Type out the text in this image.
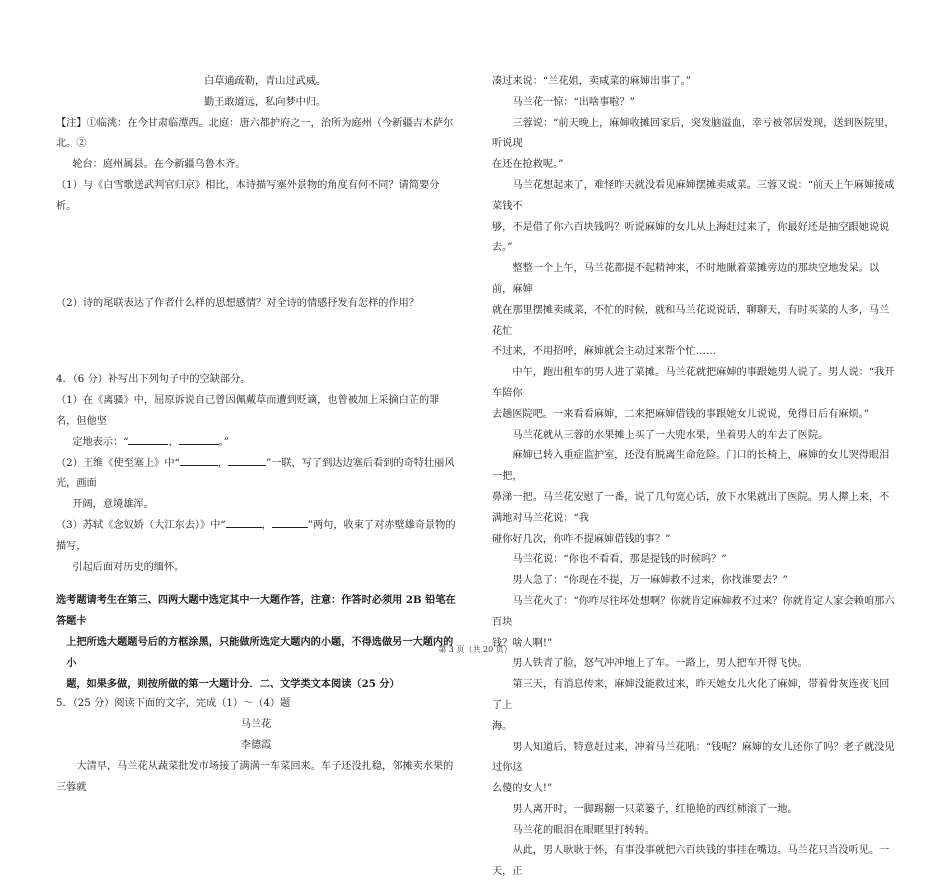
白草通疏勒，青山过武威。

勤王敢道远，私向梦中归。

【注】①临洮：在今甘肃临潭西。北庭：唐六都护府之一，治所为庭州（今新疆吉木萨尔北。②

轮台：庭州属县。在今新疆乌鲁木齐。

（1）与《白雪歌送武判官归京》相比，本诗描写塞外景物的角度有何不同？请简要分析。

（2）诗的尾联表达了作者什么样的思想感情？对全诗的情感抒发有怎样的作用？

4．（6 分）补写出下列句子中的空缺部分。

（1）在《离骚》中，屈原诉说自己曾因佩戴草而遭到贬谪，也曾被加上采摘白芷的罪名，但他坚

定地表示：“	，	。”

（2）王维《使至塞上》中“	，	”一联，写了到达边塞后看到的奇特壮丽风光，画面

开阔，意境雄浑。

（3）苏轼《念奴娇（大江东去）》中“	，	”两句，收束了对赤壁雄奇景物的描写，

引起后面对历史的缅怀。

选考题请考生在第三、四两大题中选定其中一大题作答，注意：作答时必须用 2B 铅笔在答题卡

上把所选大题题号后的方框涂黑，只能做所选定大题内的小题，不得选做另一大题内的小

题，如果多做，则按所做的第一大题计分．二、文学类文本阅读（25 分）

5．（25 分）阅读下面的文字，完成（1）～（4）题

马兰花

李德霞

大清早，马兰花从蔬菜批发市场接了满满一车菜回来。车子还没扎稳，邻摊卖水果的三蓉就

凑过来说：“兰花姐，卖咸菜的麻婶出事了。”

马兰花一惊：“出啥事啦？”

三蓉说：“前天晚上，麻婶收摊回家后，突发脑溢血，幸亏被邻居发现，送到医院里，听说现

在还在抢救呢。”

马兰花想起来了，难怪昨天就没看见麻婶摆摊卖咸菜。三蓉又说：“前天上午麻婶接咸菜钱不

够，不是借了你六百块钱吗？听说麻婶的女儿从上海赶过来了，你最好还是抽空跟她说说

去。”

整整一个上午，马兰花都提不起精神来，不时地瞅着菜摊旁边的那块空地发呆。以前，麻婶

就在那里摆摊卖咸菜，不忙的时候，就和马兰花说说话，聊聊天，有时买菜的人多，马兰花忙

不过来，不用招呼，麻婶就会主动过来帮个忙……

中午，跑出租车的男人进了菜摊。马兰花就把麻婶的事跟她男人说了。男人说：“我开车陪你

去趟医院吧。一来看看麻婶，二来把麻婶借钱的事跟她女儿说说，免得日后有麻烦。”

马兰花就从三蓉的水果摊上买了一大兜水果，坐着男人的车去了医院。

麻婶已转入重症监护室，还没有脱离生命危险。门口的长椅上，麻婶的女儿哭得眼泪一把，

鼻涕一把。马兰花安慰了一番，说了几句宽心话，放下水果就出了医院。男人撵上来，不满地对马兰花说：“我

碰你好几次，你咋不提麻婶借钱的事？”

马兰花说：“你也不看看，那是提钱的时候吗？”

男人急了：“你现在不提，万一麻婶救不过来，你找谁要去？”

马兰花火了：“你咋尽往坏处想啊？你就肯定麻婶救不过来？你就肯定人家会赖咱那六百块

钱？啥人啊!”

男人铁青了脸，怒气冲冲地上了车。一路上，男人把车开得飞快。

第三天，有消息传来，麻婶没能救过来，昨天她女儿火化了麻婶，带着骨灰连夜飞回了上

海。

男人知道后，特意赶过来，冲着马兰花吼：“钱呢？麻婶的女儿还你了吗？老子就没见过你这

么傻的女人!”

男人离开时，一脚踢翻一只菜篓子，红艳艳的西红柿滚了一地。

马兰花的眼泪在眼眶里打转转。

从此，男人耿耿于怀，有事没事就把六百块钱的事挂在嘴边。马兰花只当没听见。一天，正

第 3 页（共 20 页）
